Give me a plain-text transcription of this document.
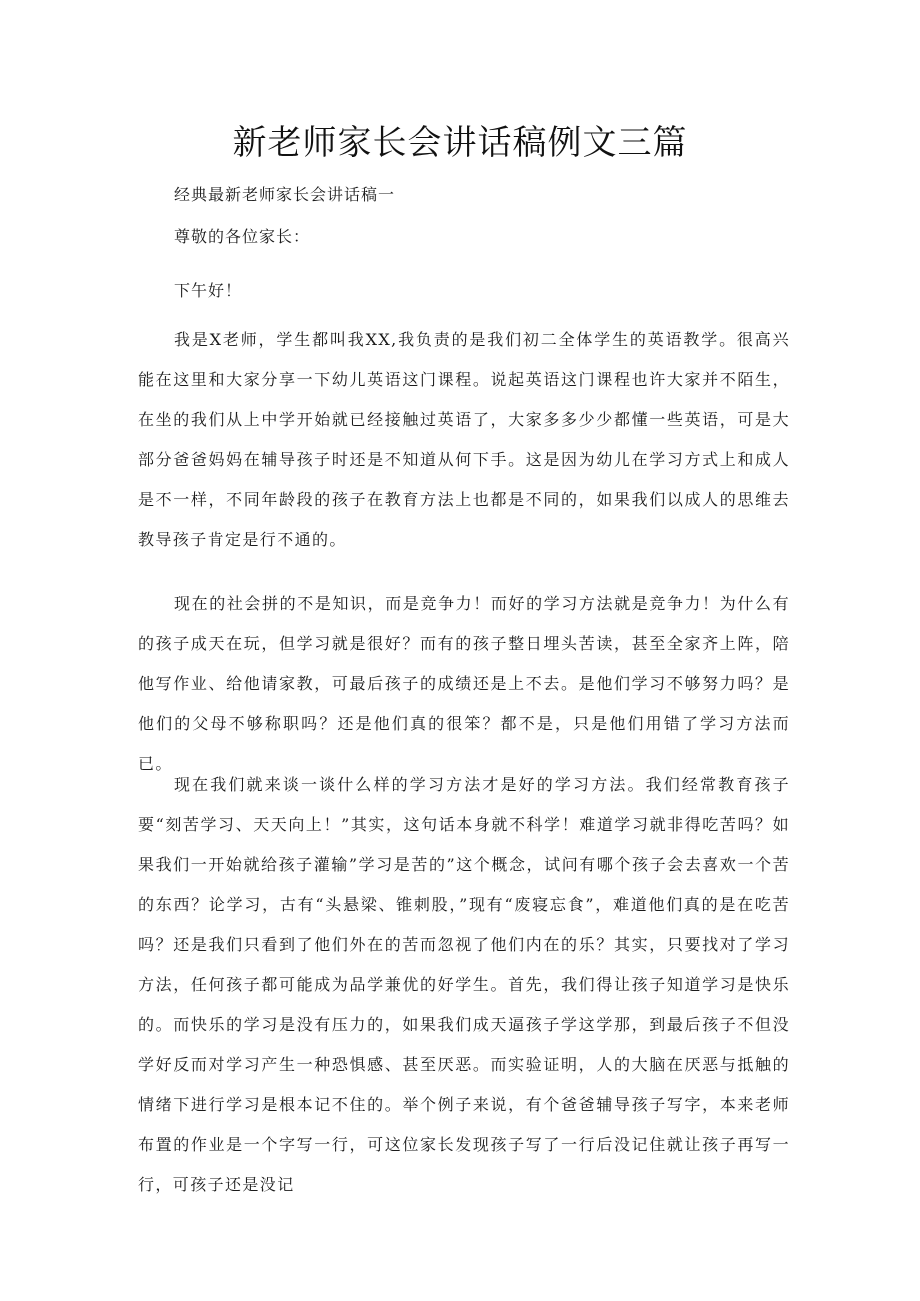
新老师家长会讲话稿例文三篇
经典最新老师家长会讲话稿一
尊敬的各位家长：
下午好！

我是X老师，学生都叫我XX,我负责的是我们初二全体学生的英语教学。很高兴能在这里和大家分享一下幼儿英语这门课程。说起英语这门课程也许大家并不陌生，在坐的我们从上中学开始就已经接触过英语了，大家多多少少都懂一些英语，可是大部分爸爸妈妈在辅导孩子时还是不知道从何下手。这是因为幼儿在学习方式上和成人是不一样，不同年龄段的孩子在教育方法上也都是不同的，如果我们以成人的思维去教导孩子肯定是行不通的。

现在的社会拼的不是知识，而是竞争力！而好的学习方法就是竞争力！为什么有的孩子成天在玩，但学习就是很好？而有的孩子整日埋头苦读，甚至全家齐上阵，陪他写作业、给他请家教，可最后孩子的成绩还是上不去。是他们学习不够努力吗？是他们的父母不够称职吗？还是他们真的很笨？都不是，只是他们用错了学习方法而已。

现在我们就来谈一谈什么样的学习方法才是好的学习方法。我们经常教育孩子要“刻苦学习、天天向上！”其实，这句话本身就不科学！难道学习就非得吃苦吗？如果我们一开始就给孩子灌输”学习是苦的”这个概念，试问有哪个孩子会去喜欢一个苦的东西？论学习，古有“头悬梁、锥刺股，”现有“废寝忘食”，难道他们真的是在吃苦吗？还是我们只看到了他们外在的苦而忽视了他们内在的乐？其实，只要找对了学习方法，任何孩子都可能成为品学兼优的好学生。首先，我们得让孩子知道学习是快乐的。而快乐的学习是没有压力的，如果我们成天逼孩子学这学那，到最后孩子不但没学好反而对学习产生一种恐惧感、甚至厌恶。而实验证明，人的大脑在厌恶与抵触的情绪下进行学习是根本记不住的。举个例子来说，有个爸爸辅导孩子写字，本来老师布置的作业是一个字写一行，可这位家长发现孩子写了一行后没记住就让孩子再写一行，可孩子还是没记
